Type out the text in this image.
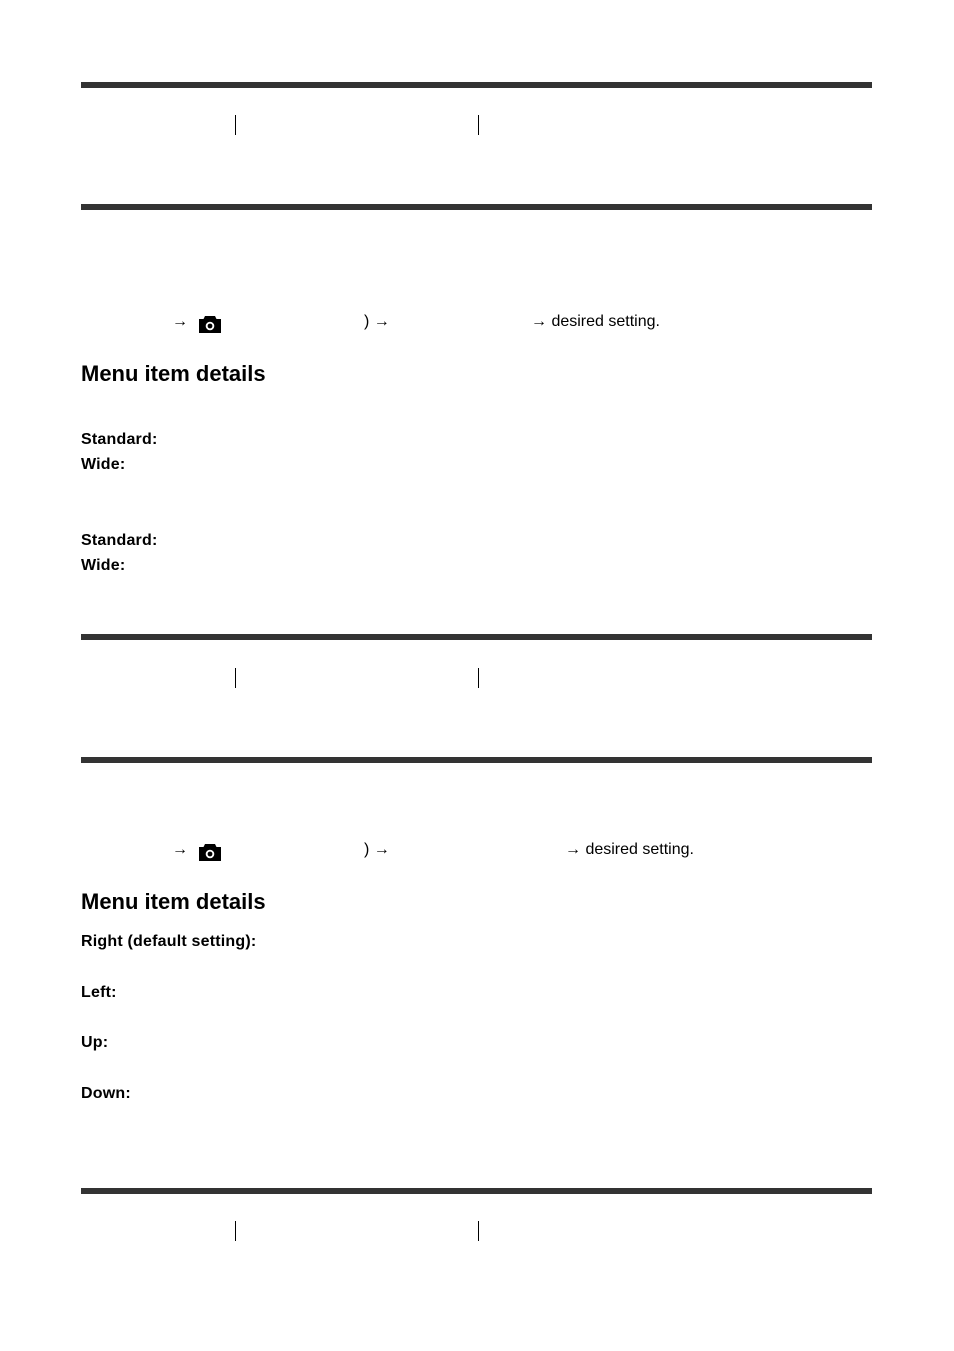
→	) →	→ desired setting.
Menu item details
Standard:
Wide:
Standard:
Wide:
→	) →	→ desired setting.
Menu item details
Right (default setting):
Left:
Up:
Down:
